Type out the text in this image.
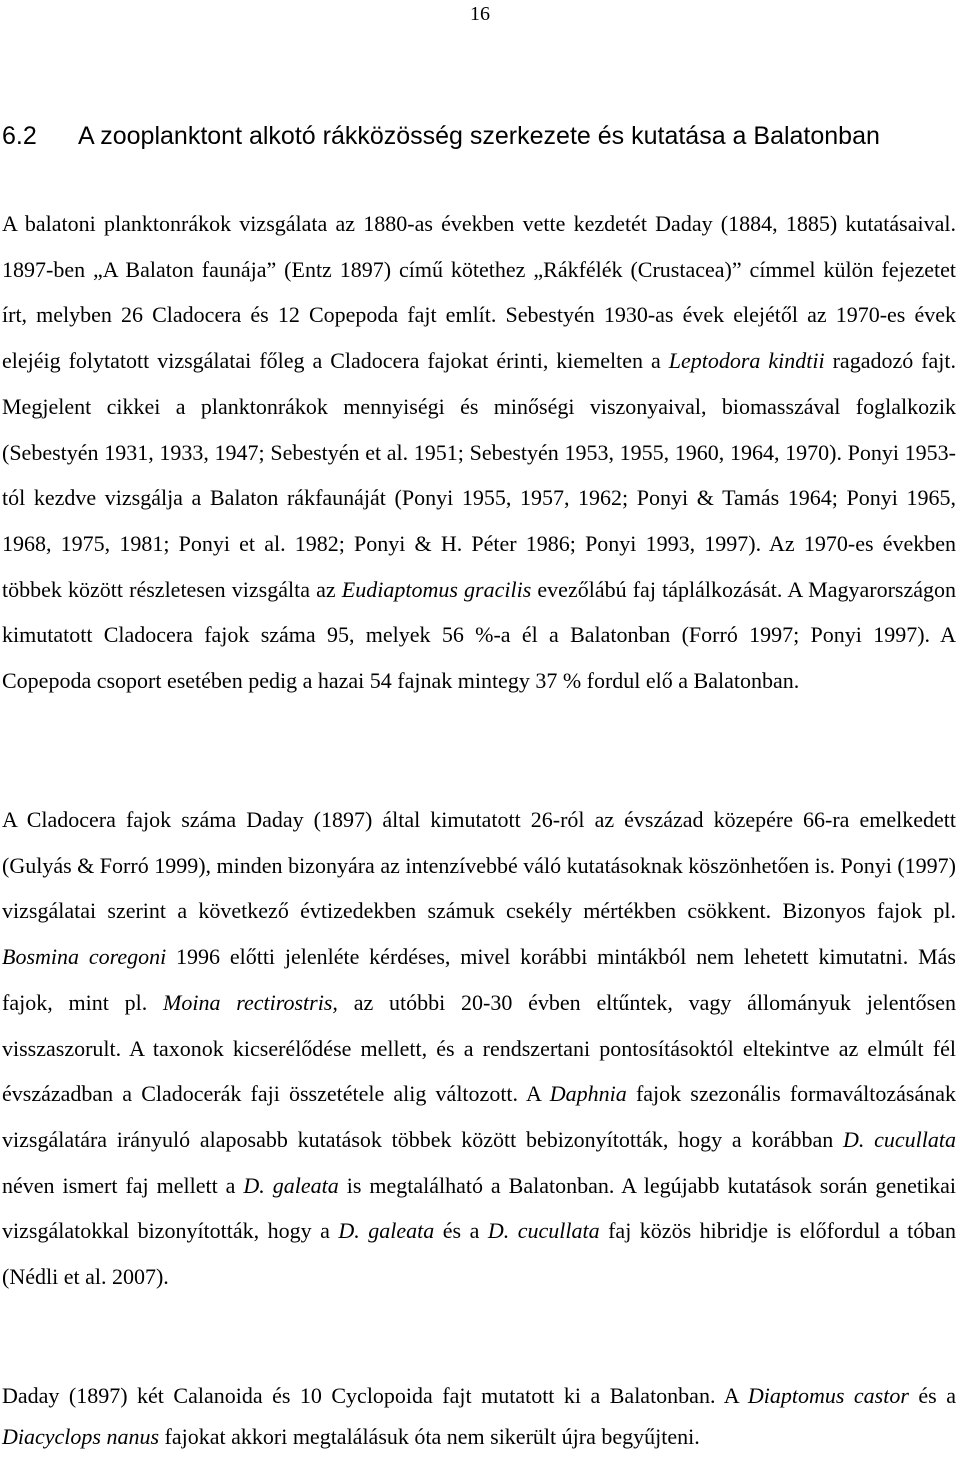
16
6.2 A zooplanktont alkotó rákközösség szerkezete és kutatása a Balatonban

A balatoni planktonrákok vizsgálata az 1880-as években vette kezdetét Daday (1884, 1885) kutatásaival. 1897-ben „A Balaton faunája” (Entz 1897) című kötethez „Rákfélék (Crustacea)” címmel külön fejezetet írt, melyben 26 Cladocera és 12 Copepoda fajt említ. Sebestyén 1930-as évek elejétől az 1970-es évek elejéig folytatott vizsgálatai főleg a Cladocera fajokat érinti, kiemelten a Leptodora kindtii ragadozó fajt. Megjelent cikkei a planktonrákok mennyiségi és minőségi viszonyaival, biomasszával foglalkozik (Sebestyén 1931, 1933, 1947; Sebestyén et al. 1951; Sebestyén 1953, 1955, 1960, 1964, 1970). Ponyi 1953-tól kezdve vizsgálja a Balaton rákfaunáját (Ponyi 1955, 1957, 1962; Ponyi & Tamás 1964; Ponyi 1965, 1968, 1975, 1981; Ponyi et al. 1982; Ponyi & H. Péter 1986; Ponyi 1993, 1997). Az 1970-es években többek között részletesen vizsgálta az Eudiaptomus gracilis evezőlábú faj táplálkozását. A Magyarországon kimutatott Cladocera fajok száma 95, melyek 56 %-a él a Balatonban (Forró 1997; Ponyi 1997). A Copepoda csoport esetében pedig a hazai 54 fajnak mintegy 37 % fordul elő a Balatonban.

A Cladocera fajok száma Daday (1897) által kimutatott 26-ról az évszázad közepére 66-ra emelkedett (Gulyás & Forró 1999), minden bizonyára az intenzívebbé váló kutatásoknak köszönhetően is. Ponyi (1997) vizsgálatai szerint a következő évtizedekben számuk csekély mértékben csökkent. Bizonyos fajok pl. Bosmina coregoni 1996 előtti jelenléte kérdéses, mivel korábbi mintákból nem lehetett kimutatni. Más fajok, mint pl. Moina rectirostris, az utóbbi 20-30 évben eltűntek, vagy állományuk jelentősen visszaszorult. A taxonok kicserélődése mellett, és a rendszertani pontosításoktól eltekintve az elmúlt fél évszázadban a Cladocerák faji összetétele alig változott. A Daphnia fajok szezonális formaváltozásának vizsgálatára irányuló alaposabb kutatások többek között bebizonyították, hogy a korábban D. cucullata néven ismert faj mellett a D. galeata is megtalálható a Balatonban. A legújabb kutatások során genetikai vizsgálatokkal bizonyították, hogy a D. galeata és a D. cucullata faj közös hibridje is előfordul a tóban (Nédli et al. 2007).

Daday (1897) két Calanoida és 10 Cyclopoida fajt mutatott ki a Balatonban. A Diaptomus castor és a Diacyclops nanus fajokat akkori megtalálásuk óta nem sikerült újra begyűjteni.
